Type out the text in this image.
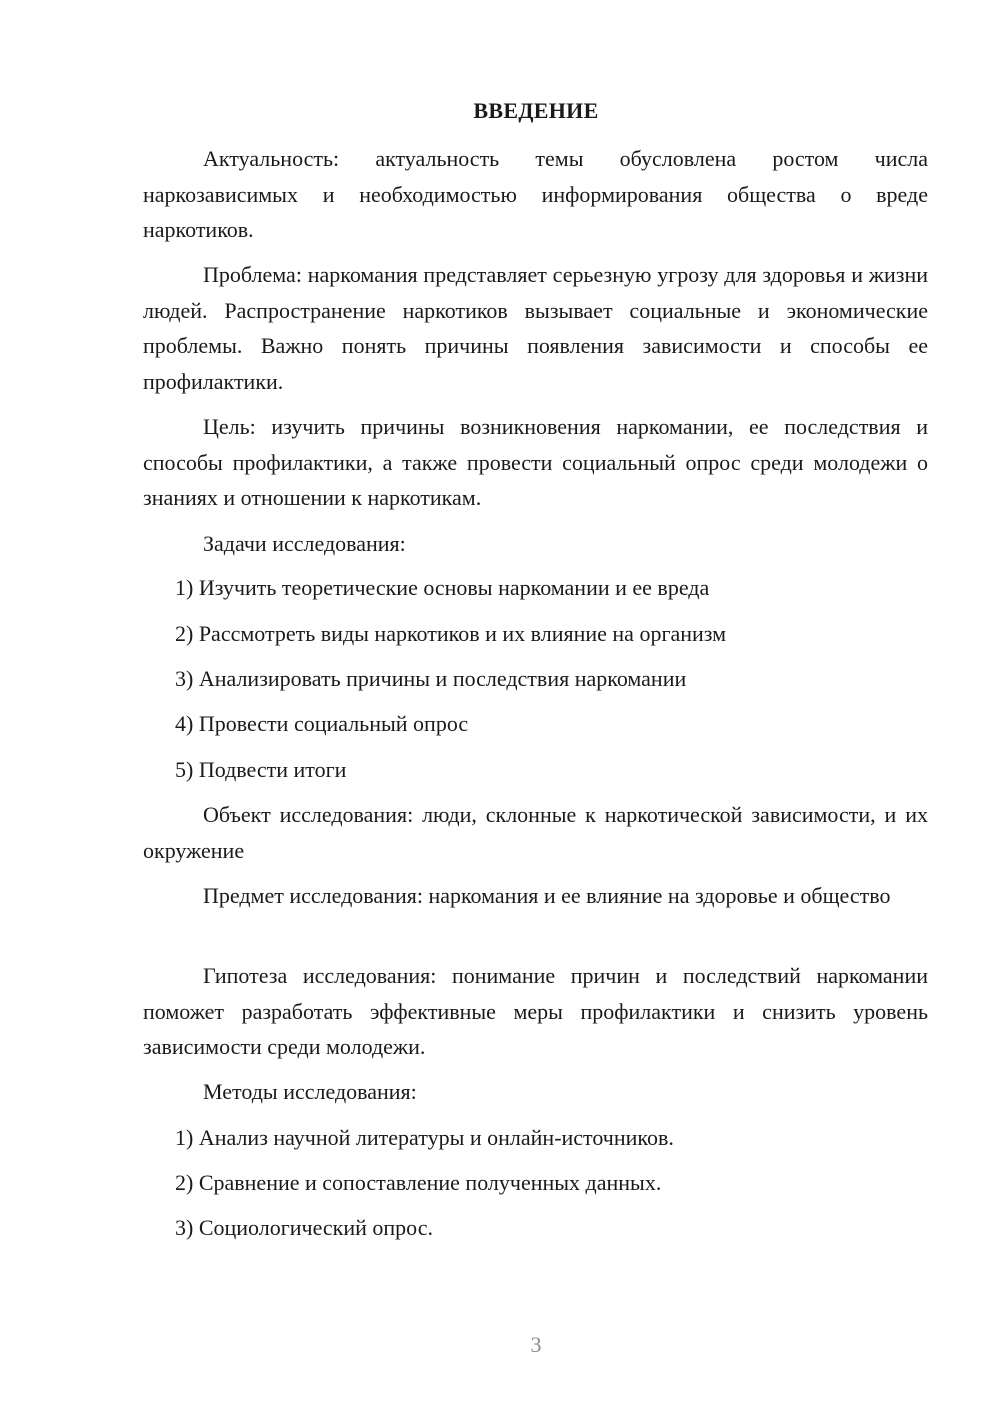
ВВЕДЕНИЕ
Актуальность: актуальность темы обусловлена ростом числа наркозависимых и необходимостью информирования общества о вреде наркотиков.
Проблема: наркомания представляет серьезную угрозу для здоровья и жизни людей. Распространение наркотиков вызывает социальные и экономические проблемы. Важно понять причины появления зависимости и способы ее профилактики.
Цель: изучить причины возникновения наркомании, ее последствия и способы профилактики, а также провести социальный опрос среди молодежи о знаниях и отношении к наркотикам.
Задачи исследования:
1) Изучить теоретические основы наркомании и ее вреда
2) Рассмотреть виды наркотиков и их влияние на организм
3) Анализировать причины и последствия наркомании
4) Провести социальный опрос
5) Подвести итоги
Объект исследования: люди, склонные к наркотической зависимости, и их окружение
Предмет исследования: наркомания и ее влияние на здоровье и общество
Гипотеза исследования: понимание причин и последствий наркомании поможет разработать эффективные меры профилактики и снизить уровень зависимости среди молодежи.
Методы исследования:
1) Анализ научной литературы и онлайн-источников.
2) Сравнение и сопоставление полученных данных.
3) Социологический опрос.
3
